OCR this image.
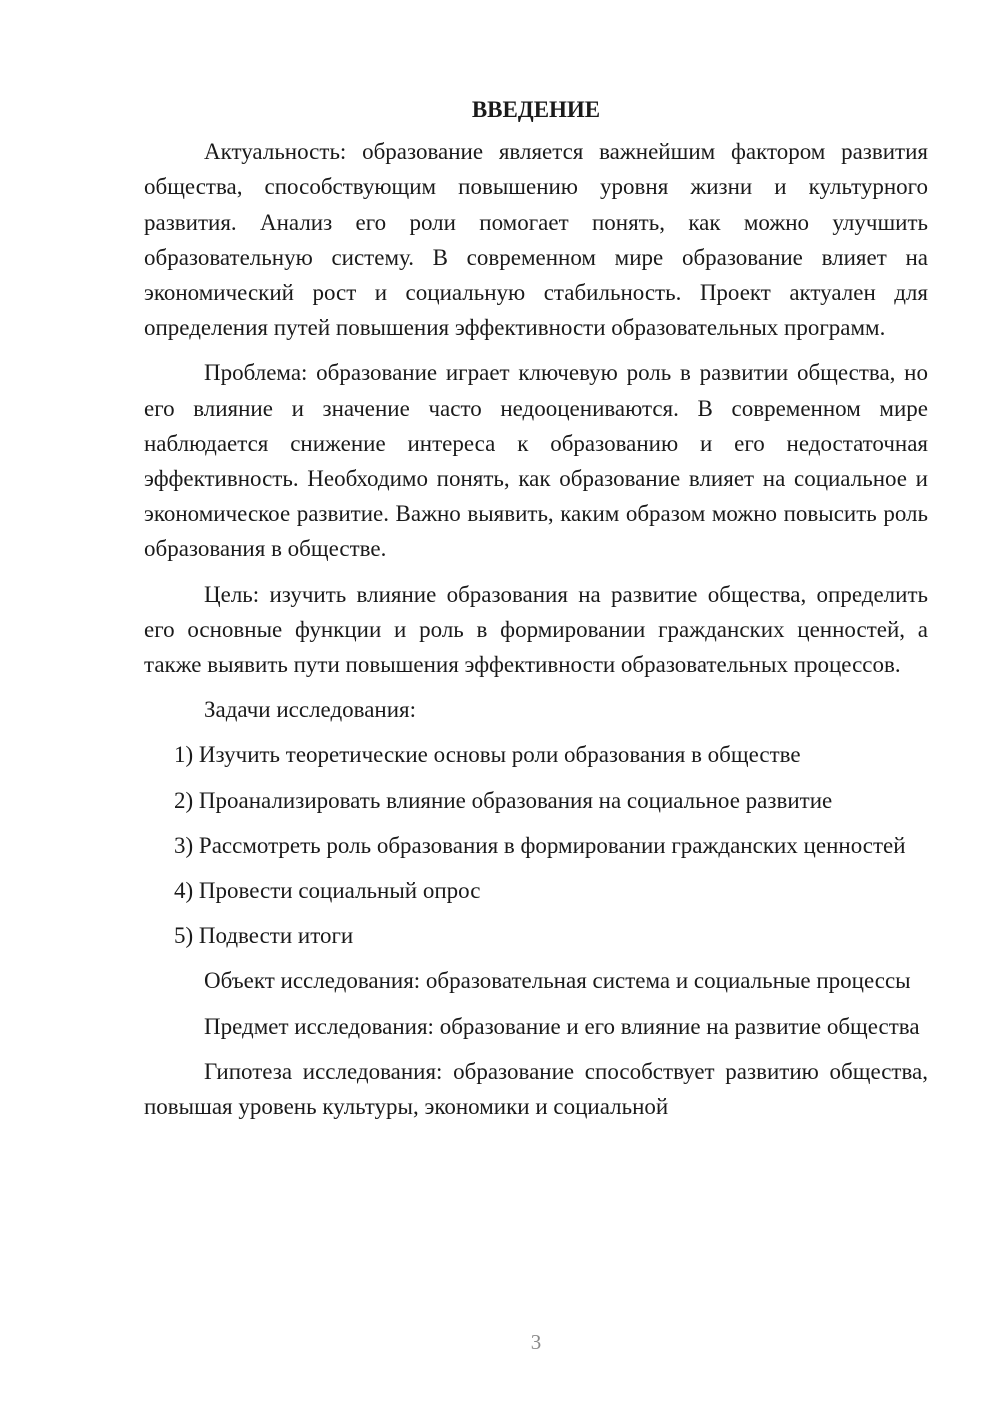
ВВЕДЕНИЕ

Актуальность: образование является важнейшим фактором развития общества, способствующим повышению уровня жизни и культурного развития. Анализ его роли помогает понять, как можно улучшить образовательную систему. В современном мире образование влияет на экономический рост и социальную стабильность. Проект актуален для определения путей повышения эффективности образовательных программ.

Проблема: образование играет ключевую роль в развитии общества, но его влияние и значение часто недооцениваются. В современном мире наблюдается снижение интереса к образованию и его недостаточная эффективность. Необходимо понять, как образование влияет на социальное и экономическое развитие. Важно выявить, каким образом можно повысить роль образования в обществе.

Цель: изучить влияние образования на развитие общества, определить его основные функции и роль в формировании гражданских ценностей, а также выявить пути повышения эффективности образовательных процессов.

Задачи исследования:

1) Изучить теоретические основы роли образования в обществе

2) Проанализировать влияние образования на социальное развитие

3) Рассмотреть роль образования в формировании гражданских ценностей

4) Провести социальный опрос

5) Подвести итоги

Объект исследования: образовательная система и социальные процессы

Предмет исследования: образование и его влияние на развитие общества

Гипотеза исследования: образование способствует развитию общества, повышая уровень культуры, экономики и социальной

3
